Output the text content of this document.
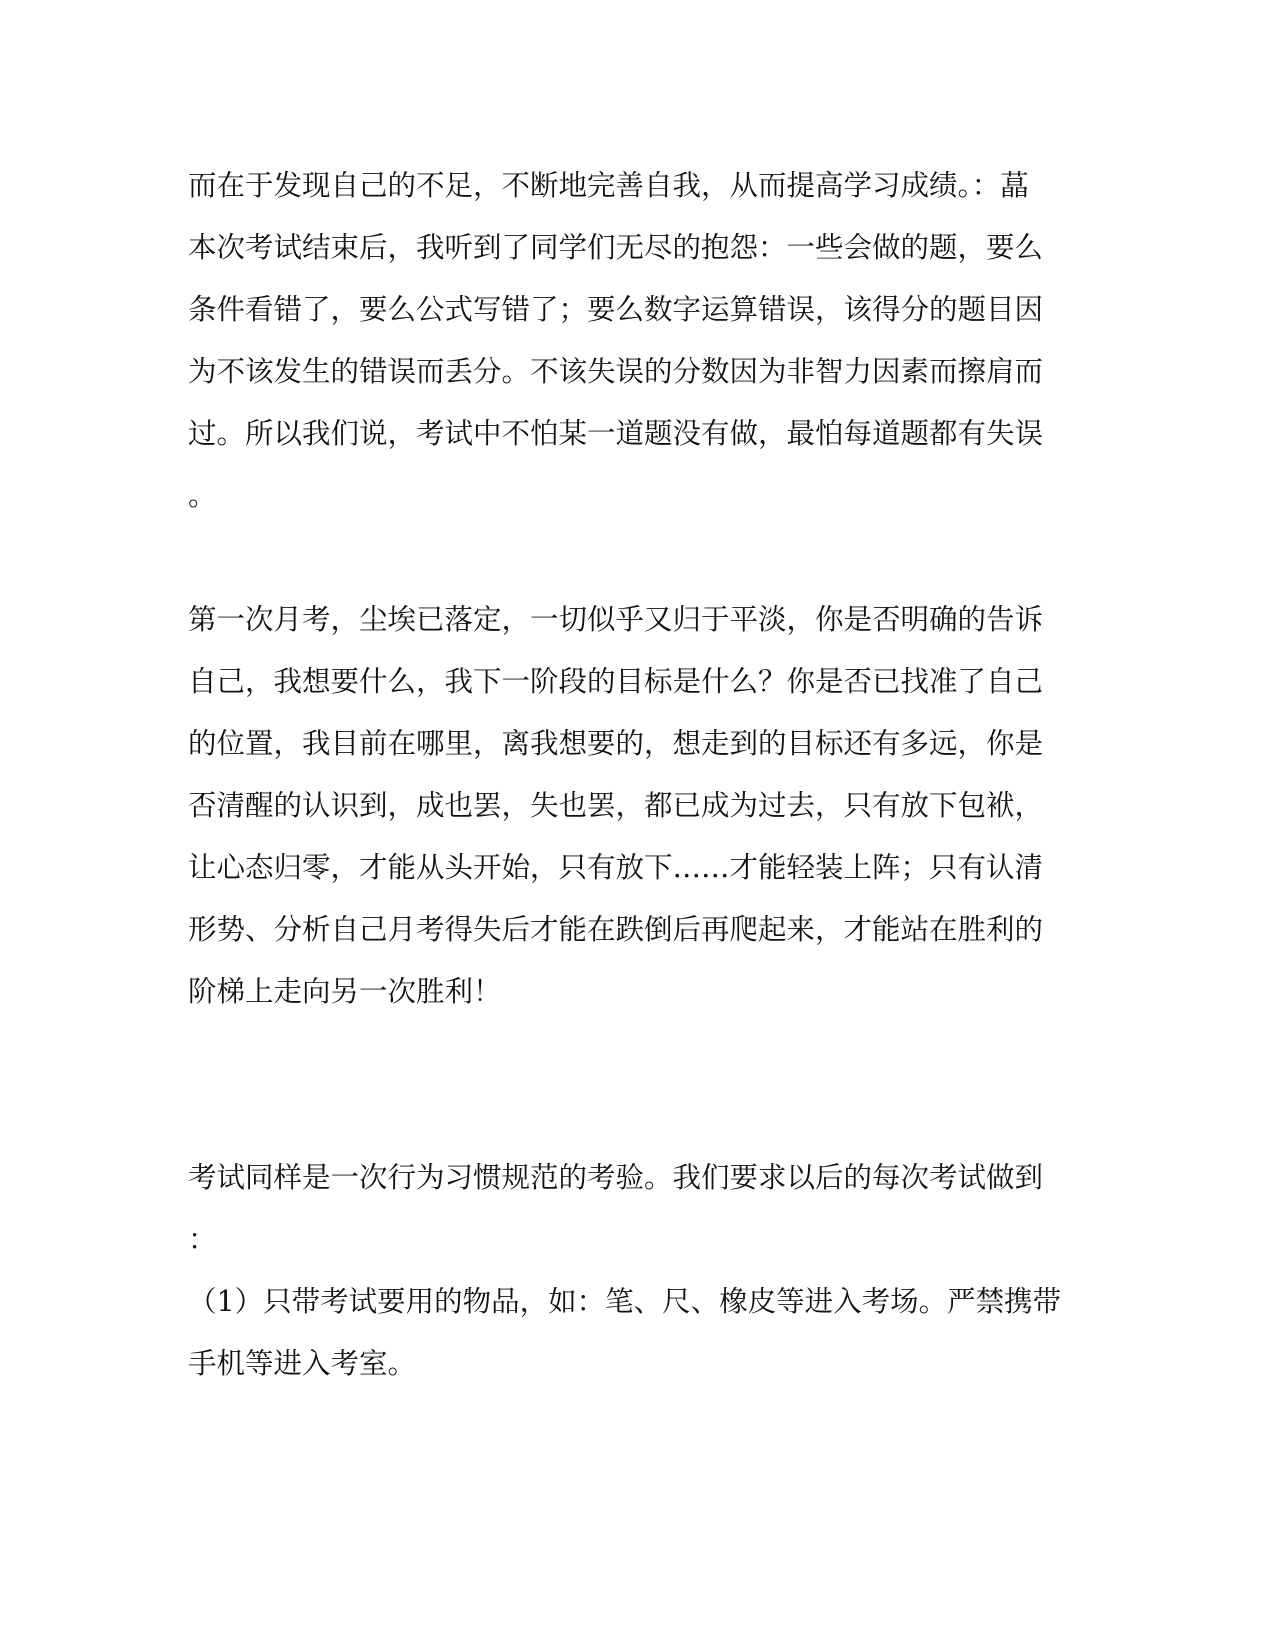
而在于发现自己的不足，不断地完善自我，从而提高学习成绩。：蕌
本次考试结束后，我听到了同学们无尽的抱怨：一些会做的题，要么
条件看错了，要么公式写错了；要么数字运算错误，该得分的题目因
为不该发生的错误而丢分。不该失误的分数因为非智力因素而擦肩而
过。所以我们说，考试中不怕某一道题没有做，最怕每道题都有失误
。
第一次月考，尘埃已落定，一切似乎又归于平淡，你是否明确的告诉
自己，我想要什么，我下一阶段的目标是什么？你是否已找准了自己
的位置，我目前在哪里，离我想要的，想走到的目标还有多远，你是
否清醒的认识到，成也罢，失也罢，都已成为过去，只有放下包袱，
让心态归零，才能从头开始，只有放下……才能轻装上阵；只有认清
形势、分析自己月考得失后才能在跌倒后再爬起来，才能站在胜利的
阶梯上走向另一次胜利！
考试同样是一次行为习惯规范的考验。我们要求以后的每次考试做到
：
（1）只带考试要用的物品，如：笔、尺、橡皮等进入考场。严禁携带
手机等进入考室。
